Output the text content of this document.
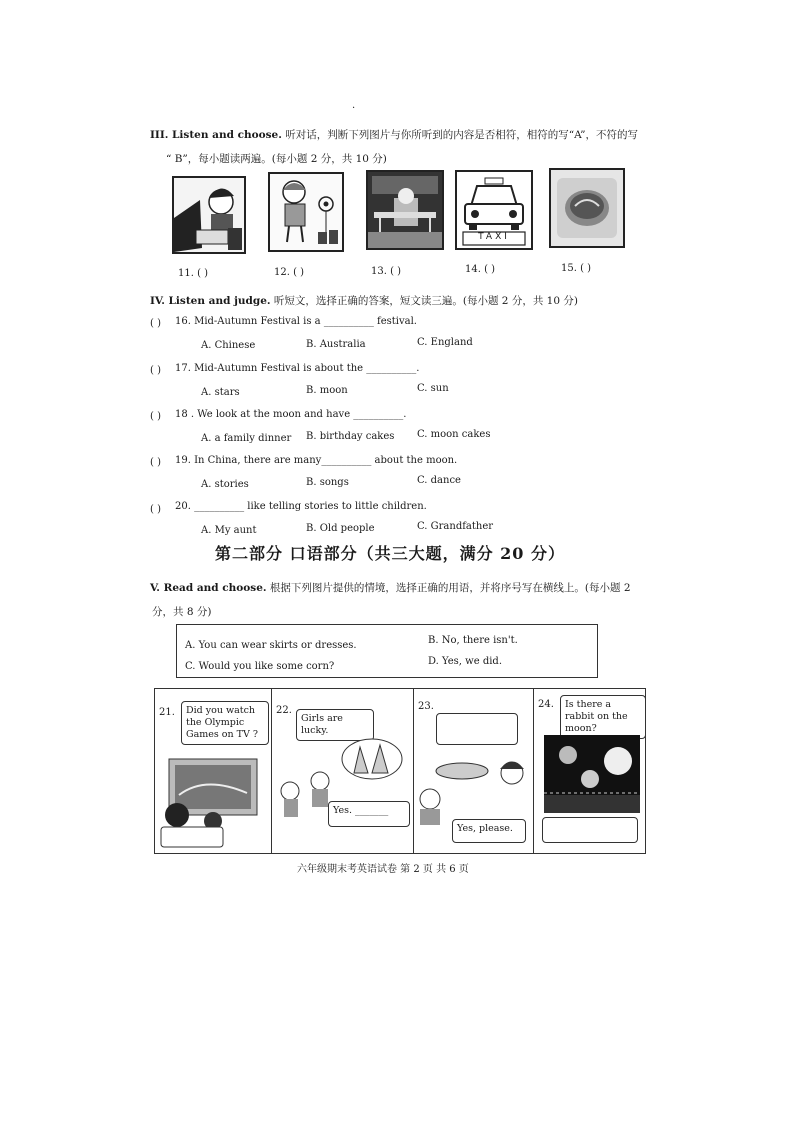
.
III. Listen and choose. 听对话，判断下列图片与你所听到的内容是否相符，相符的写“A”，不符的写
“ B”，每小题读两遍。(每小题 2 分，共 10 分)
TAXI
11. ( )	12. ( )	13. ( )	14. ( )	15. ( )
IV. Listen and judge. 听短文，选择正确的答案，短文读三遍。(每小题 2 分，共 10 分)
( ) 16. Mid-Autumn Festival is a __________ festival.
A. Chinese	B. Australia	C. England
( ) 17. Mid-Autumn Festival is about the __________.
A. stars	B. moon	C. sun
( ) 18 . We look at the moon and have __________.
A. a family dinner B. birthday cakes C. moon cakes
( ) 19. In China, there are many__________ about the moon.
A. stories	B. songs	C. dance
( ) 20. __________ like telling stories to little children.
A. My aunt	B. Old people	C. Grandfather
第二部分 口语部分（共三大题，满分 20 分）
V. Read and choose. 根据下列图片提供的情境，选择正确的用语，并将序号写在横线上。(每小题 2
分，共 8 分)
A. You can wear skirts or dresses.	B. No, there isn't.
C. Would you like some corn?	D. Yes, we did.
21.	Did you watch the Olympic Games on TV ?
22.
Girls are lucky.
Yes. _______
23.
Yes, please.
24.	Is there a rabbit on the moon?
六年级期末考英语试卷 第 2 页 共 6 页
